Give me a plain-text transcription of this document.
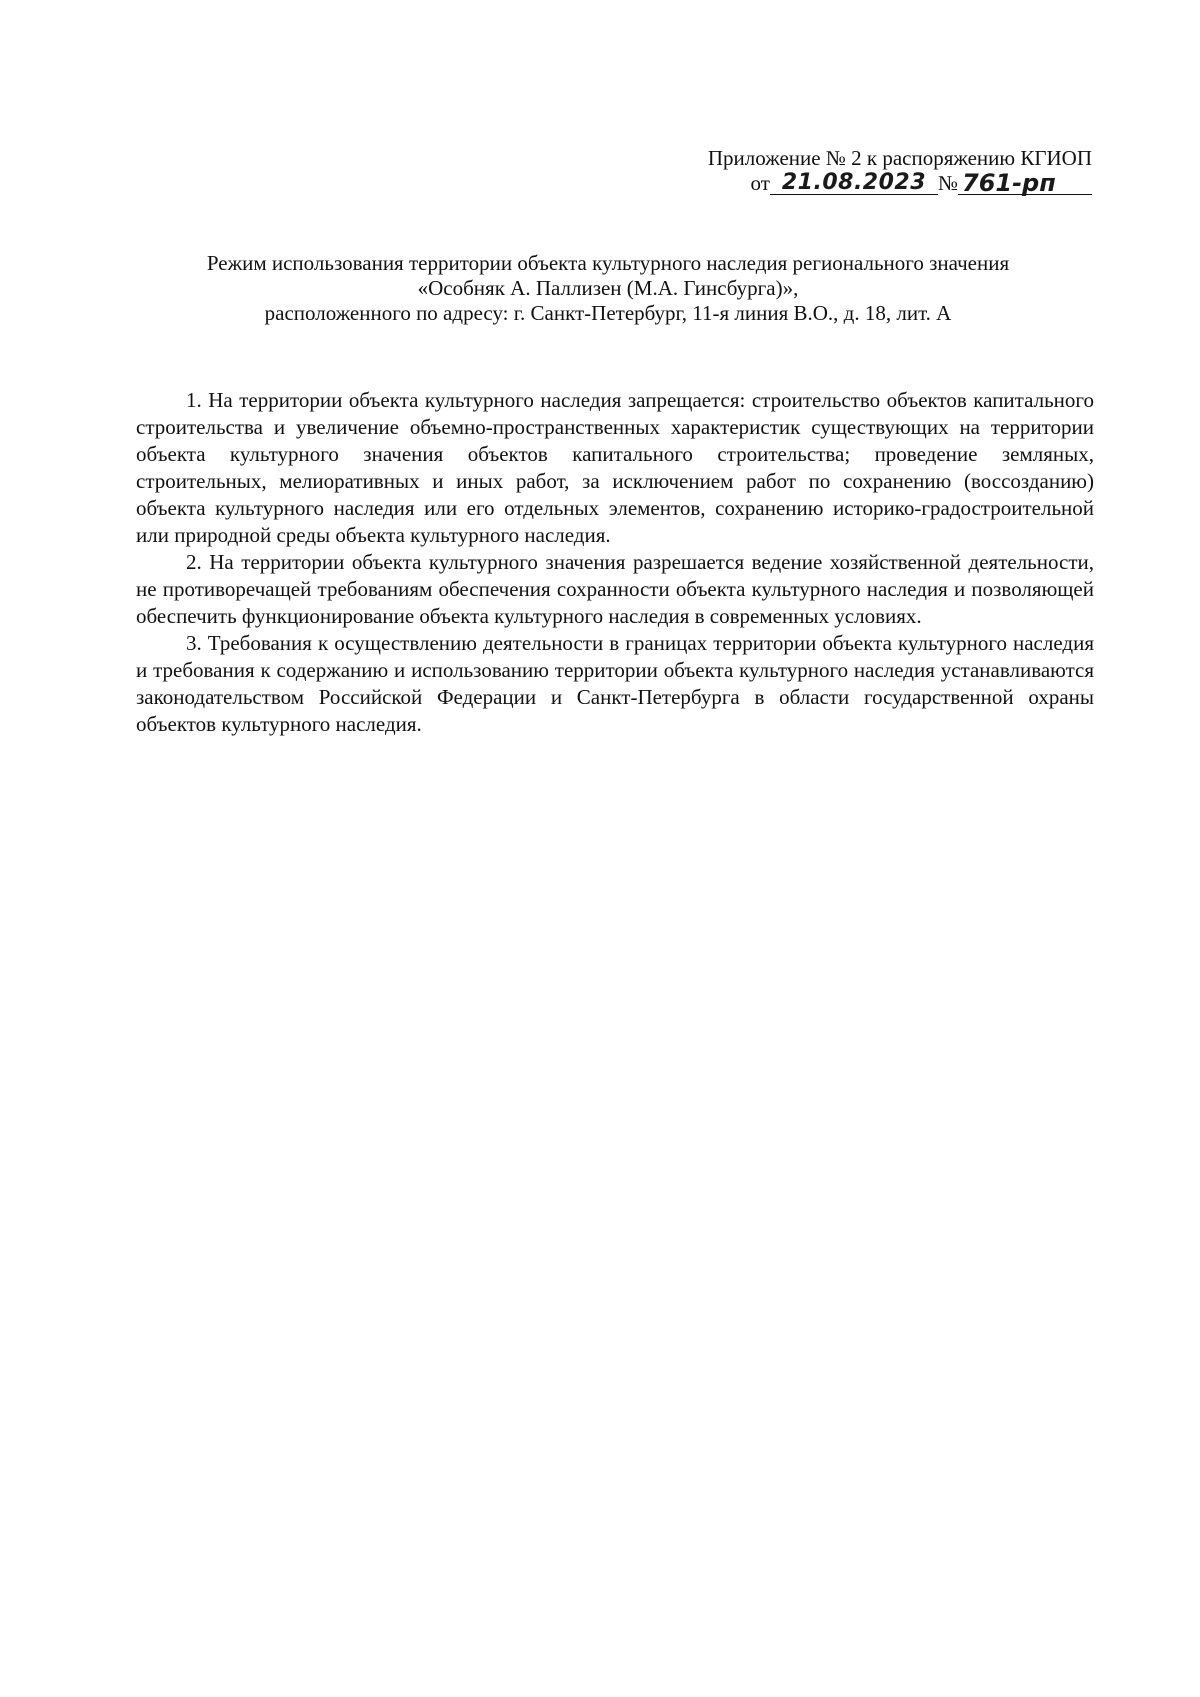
Приложение № 2 к распоряжению КГИОП
от 21.08.2023 № 761-рп
Режим использования территории объекта культурного наследия регионального значения
«Особняк А. Паллизен (М.А. Гинсбурга)»,
расположенного по адресу: г. Санкт-Петербург, 11-я линия В.О., д. 18, лит. А

1. На территории объекта культурного наследия запрещается: строительство объектов капитального строительства и увеличение объемно-пространственных характеристик существующих на территории объекта культурного значения объектов капитального строительства; проведение земляных, строительных, мелиоративных и иных работ, за исключением работ по сохранению (воссозданию) объекта культурного наследия или его отдельных элементов, сохранению историко-градостроительной или природной среды объекта культурного наследия.

2. На территории объекта культурного значения разрешается ведение хозяйственной деятельности, не противоречащей требованиям обеспечения сохранности объекта культурного наследия и позволяющей обеспечить функционирование объекта культурного наследия в современных условиях.

3. Требования к осуществлению деятельности в границах территории объекта культурного наследия и требования к содержанию и использованию территории объекта культурного наследия устанавливаются законодательством Российской Федерации и Санкт-Петербурга в области государственной охраны объектов культурного наследия.
